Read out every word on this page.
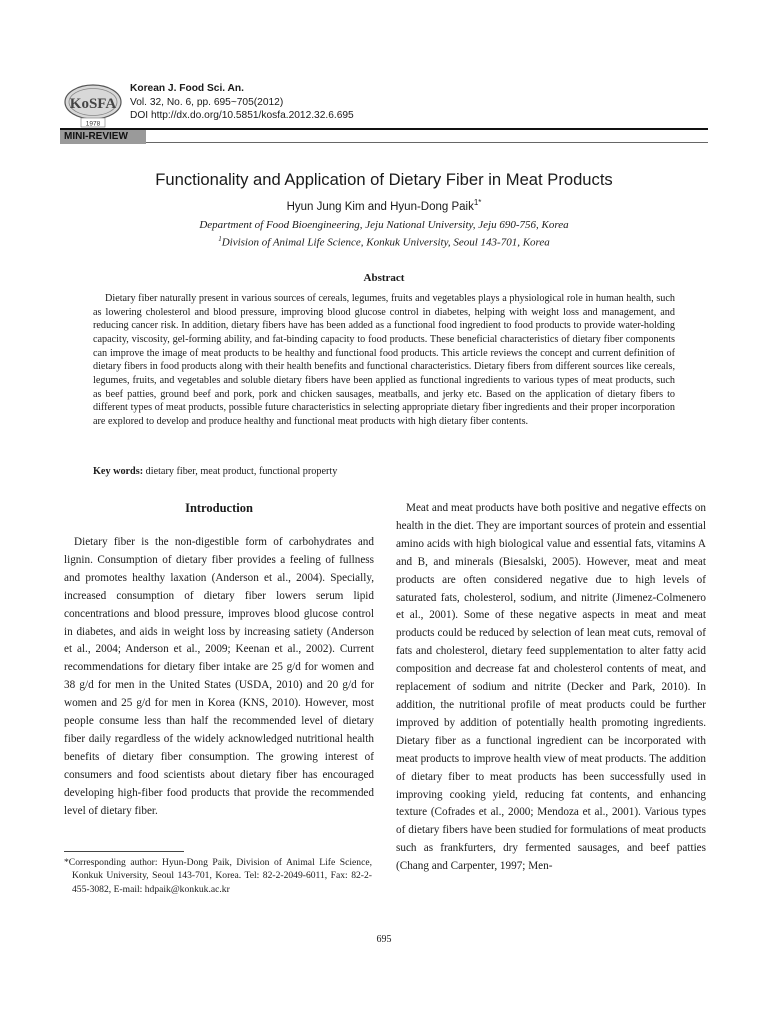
KoSFA
1978
Korean J. Food Sci. An.
Vol. 32, No. 6, pp. 695~705(2012)
DOI http://dx.do.org/10.5851/kosfa.2012.32.6.695
MINI-REVIEW
Functionality and Application of Dietary Fiber in Meat Products
Hyun Jung Kim and Hyun-Dong Paik$^{1*}$
Department of Food Bioengineering, Jeju National University, Jeju 690-756, Korea
$^1$Division of Animal Life Science, Konkuk University, Seoul 143-701, Korea
Abstract

Dietary fiber naturally present in various sources of cereals, legumes, fruits and vegetables plays a physiological role in human health, such as lowering cholesterol and blood pressure, improving blood glucose control in diabetes, helping with weight loss and management, and reducing cancer risk. In addition, dietary fibers have has been added as a functional food ingredient to food products to provide water-holding capacity, viscosity, gel-forming ability, and fat-binding capacity to food products. These beneficial characteristics of dietary fiber components can improve the image of meat products to be healthy and functional food products. This article reviews the concept and current definition of dietary fibers in food products along with their health benefits and functional characteristics. Dietary fibers from different sources like cereals, legumes, fruits, and vegetables and soluble dietary fibers have been applied as functional ingredients to various types of meat products, such as beef patties, ground beef and pork, pork and chicken sausages, meatballs, and jerky etc. Based on the application of dietary fibers to different types of meat products, possible future characteristics in selecting appropriate dietary fiber ingredients and their proper incorporation are explored to develop and produce healthy and functional meat products with high dietary fiber contents.

Key words: dietary fiber, meat product, functional property
Introduction

Dietary fiber is the non-digestible form of carbohydrates and lignin. Consumption of dietary fiber provides a feeling of fullness and promotes healthy laxation (Anderson et al., 2004). Specially, increased consumption of dietary fiber lowers serum lipid concentrations and blood pressure, improves blood glucose control in diabetes, and aids in weight loss by increasing satiety (Anderson et al., 2004; Anderson et al., 2009; Keenan et al., 2002). Current recommendations for dietary fiber intake are 25 g/d for women and 38 g/d for men in the United States (USDA, 2010) and 20 g/d for women and 25 g/d for men in Korea (KNS, 2010). However, most people consume less than half the recommended level of dietary fiber daily regardless of the widely acknowledged nutritional health benefits of dietary fiber consumption. The growing interest of consumers and food scientists about dietary fiber has encouraged developing high-fiber food products that provide the recommended level of dietary fiber.

Meat and meat products have both positive and negative effects on health in the diet. They are important sources of protein and essential amino acids with high biological value and essential fats, vitamins A and B, and minerals (Biesalski, 2005). However, meat and meat products are often considered negative due to high levels of saturated fats, cholesterol, sodium, and nitrite (Jimenez-Colmenero et al., 2001). Some of these negative aspects in meat and meat products could be reduced by selection of lean meat cuts, removal of fats and cholesterol, dietary feed supplementation to alter fatty acid composition and decrease fat and cholesterol contents of meat, and replacement of sodium and nitrite (Decker and Park, 2010). In addition, the nutritional profile of meat products could be further improved by addition of potentially health promoting ingredients. Dietary fiber as a functional ingredient can be incorporated with meat products to improve health view of meat products. The addition of dietary fiber to meat products has been successfully used in improving cooking yield, reducing fat contents, and enhancing texture (Cofrades et al., 2000; Mendoza et al., 2001). Various types of dietary fibers have been studied for formulations of meat products such as frankfurters, dry fermented sausages, and beef patties (Chang and Carpenter, 1997; Men-

*Corresponding author: Hyun-Dong Paik, Division of Animal Life Science, Konkuk University, Seoul 143-701, Korea. Tel: 82-2-2049-6011, Fax: 82-2-455-3082, E-mail: hdpaik@konkuk.ac.kr
695
